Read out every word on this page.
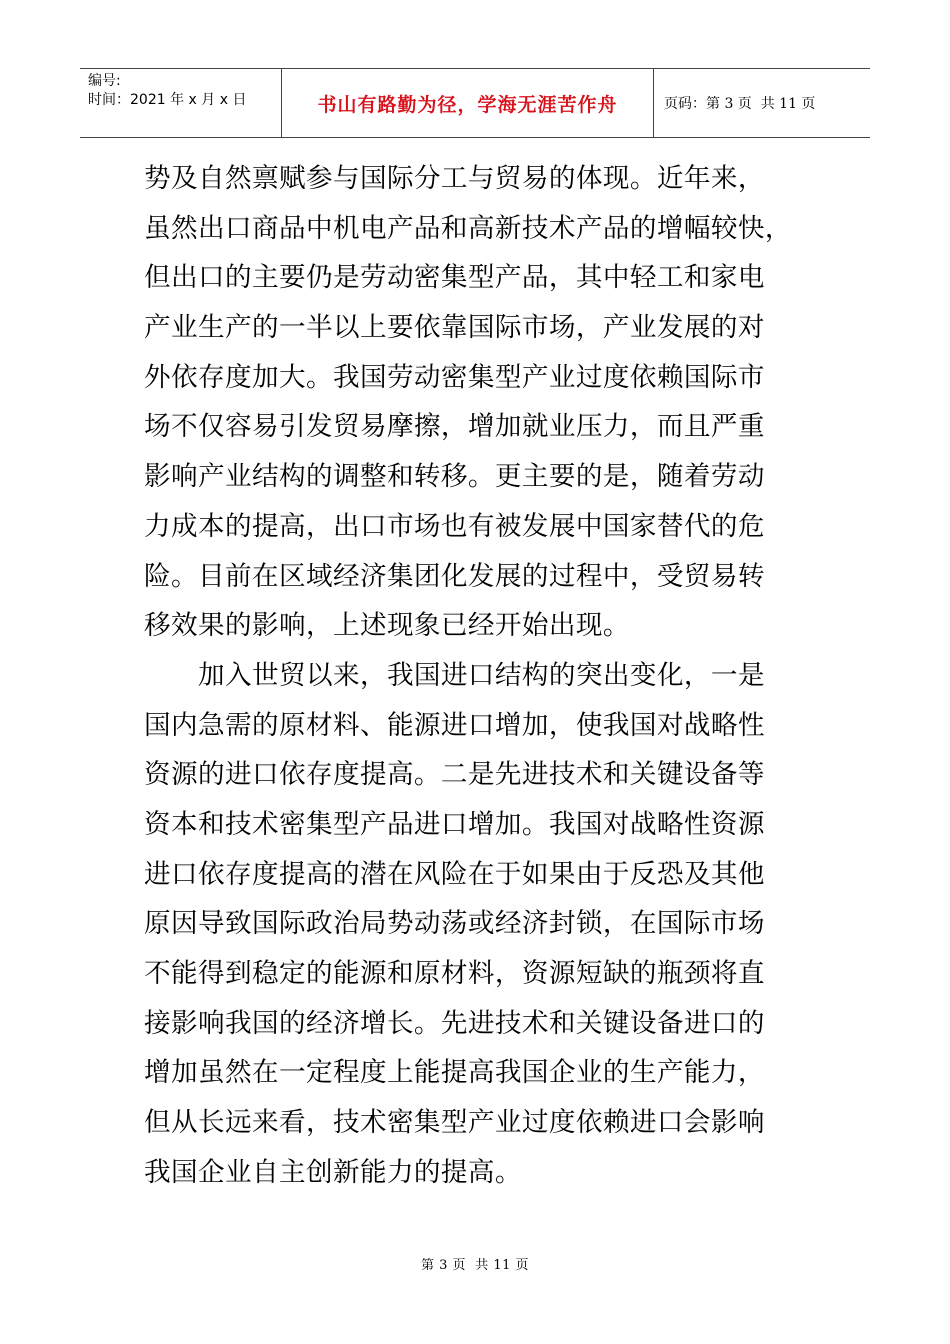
编号:
时间：2021 年 x 月 x 日	书山有路勤为径，学海无涯苦作舟	页码：第 3 页  共 11 页
势及自然禀赋参与国际分工与贸易的体现。近年来，
虽然出口商品中机电产品和高新技术产品的增幅较快，
但出口的主要仍是劳动密集型产品，其中轻工和家电
产业生产的一半以上要依靠国际市场，产业发展的对
外依存度加大。我国劳动密集型产业过度依赖国际市
场不仅容易引发贸易摩擦，增加就业压力，而且严重
影响产业结构的调整和转移。更主要的是，随着劳动
力成本的提高，出口市场也有被发展中国家替代的危
险。目前在区域经济集团化发展的过程中，受贸易转
移效果的影响，上述现象已经开始出现。
　　加入世贸以来，我国进口结构的突出变化，一是
国内急需的原材料、能源进口增加，使我国对战略性
资源的进口依存度提高。二是先进技术和关键设备等
资本和技术密集型产品进口增加。我国对战略性资源
进口依存度提高的潜在风险在于如果由于反恐及其他
原因导致国际政治局势动荡或经济封锁，在国际市场
不能得到稳定的能源和原材料，资源短缺的瓶颈将直
接影响我国的经济增长。先进技术和关键设备进口的
增加虽然在一定程度上能提高我国企业的生产能力，
但从长远来看，技术密集型产业过度依赖进口会影响
我国企业自主创新能力的提高。
第 3 页  共 11 页
